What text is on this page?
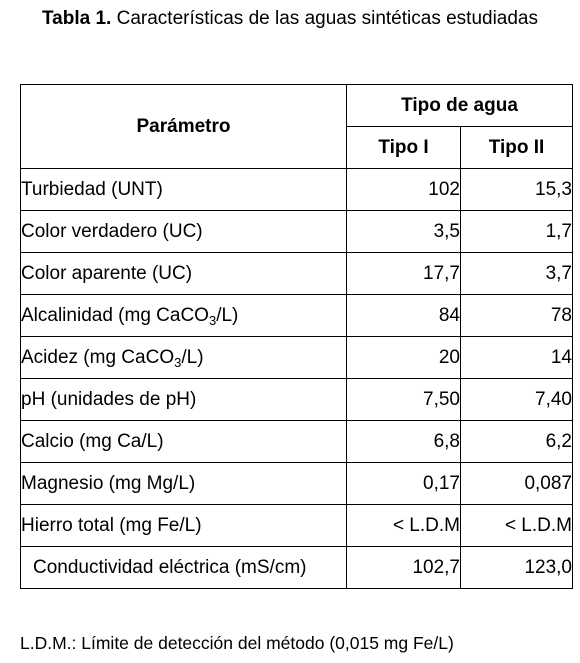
Tabla 1. Características de las aguas sintéticas estudiadas
Parámetro	Tipo de agua	
	Tipo I	Tipo II
Turbiedad (UNT)	102	15,3
Color verdadero (UC)	3,5	1,7
Color aparente (UC)	17,7	3,7
Alcalinidad (mg CaCO$_3$/L)	84	78
Acidez (mg CaCO$_3$/L)	20	14
pH (unidades de pH)	7,50	7,40
Calcio (mg Ca/L)	6,8	6,2
Magnesio (mg Mg/L)	0,17	0,087
Hierro total (mg Fe/L)	< L.D.M	< L.D.M
Conductividad eléctrica (mS/cm)	102,7	123,0
L.D.M.: Límite de detección del método (0,015 mg Fe/L)
